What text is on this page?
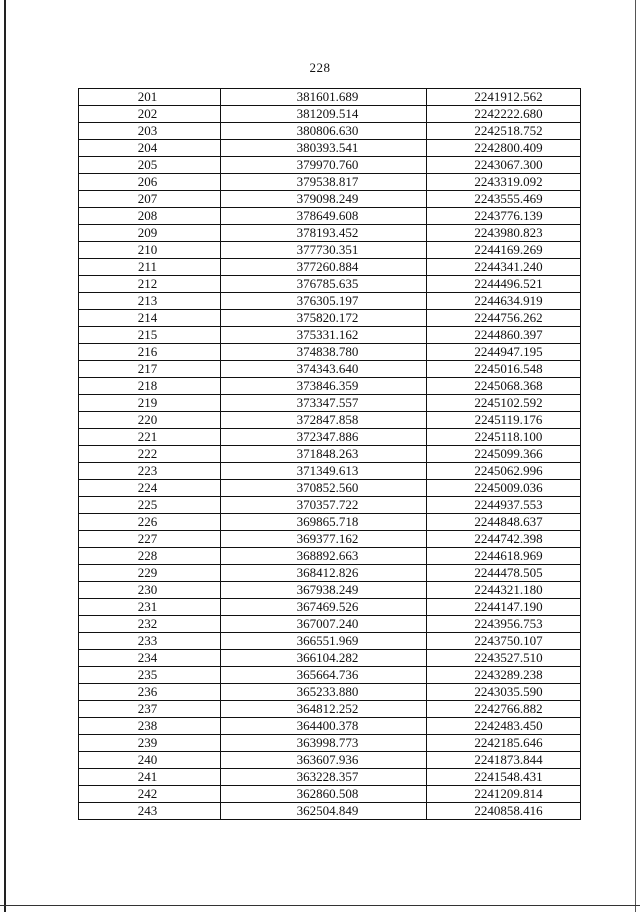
228
201	381601.689	2241912.562
202	381209.514	2242222.680
203	380806.630	2242518.752
204	380393.541	2242800.409
205	379970.760	2243067.300
206	379538.817	2243319.092
207	379098.249	2243555.469
208	378649.608	2243776.139
209	378193.452	2243980.823
210	377730.351	2244169.269
211	377260.884	2244341.240
212	376785.635	2244496.521
213	376305.197	2244634.919
214	375820.172	2244756.262
215	375331.162	2244860.397
216	374838.780	2244947.195
217	374343.640	2245016.548
218	373846.359	2245068.368
219	373347.557	2245102.592
220	372847.858	2245119.176
221	372347.886	2245118.100
222	371848.263	2245099.366
223	371349.613	2245062.996
224	370852.560	2245009.036
225	370357.722	2244937.553
226	369865.718	2244848.637
227	369377.162	2244742.398
228	368892.663	2244618.969
229	368412.826	2244478.505
230	367938.249	2244321.180
231	367469.526	2244147.190
232	367007.240	2243956.753
233	366551.969	2243750.107
234	366104.282	2243527.510
235	365664.736	2243289.238
236	365233.880	2243035.590
237	364812.252	2242766.882
238	364400.378	2242483.450
239	363998.773	2242185.646
240	363607.936	2241873.844
241	363228.357	2241548.431
242	362860.508	2241209.814
243	362504.849	2240858.416
